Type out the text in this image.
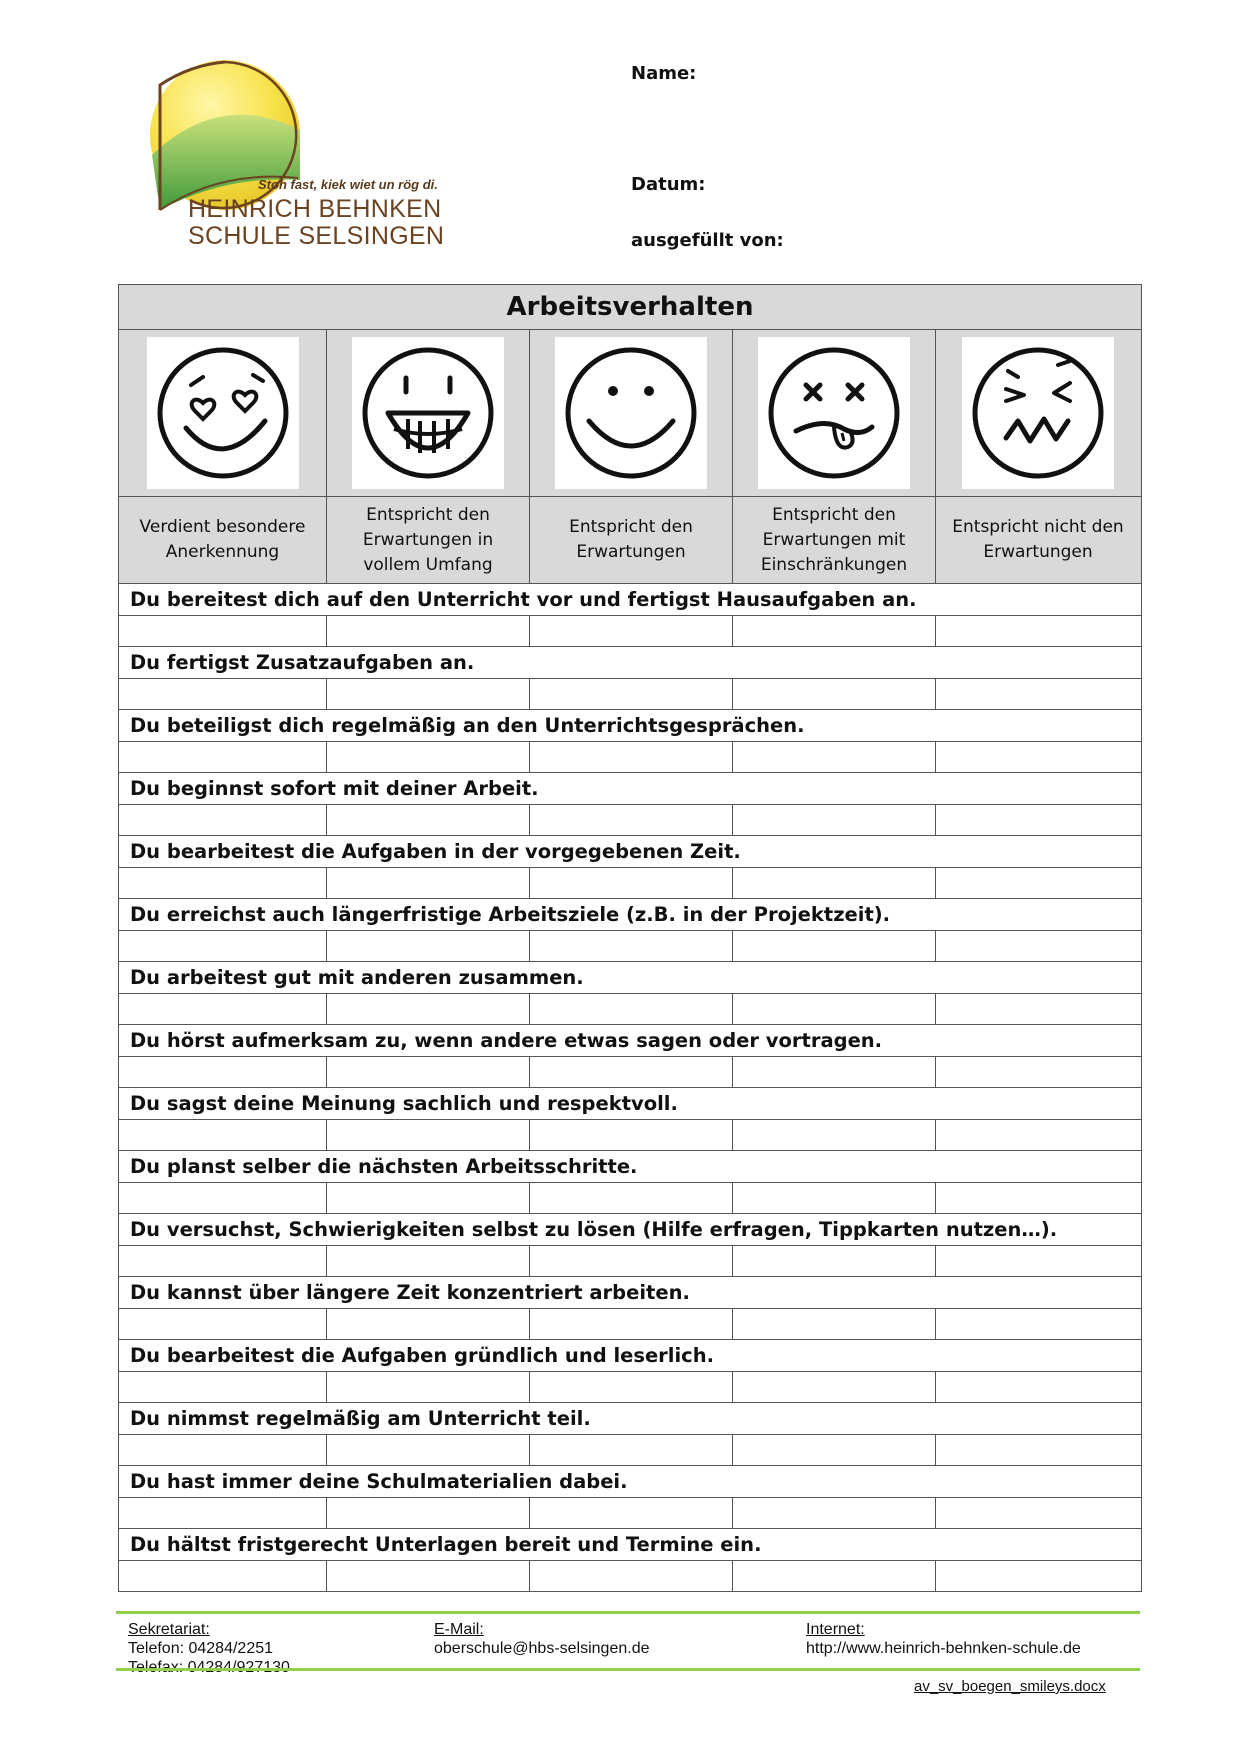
Stoh fast, kiek wiet un rög di.
HEINRICH BEHNKEN
SCHULE SELSINGEN
Name:
Datum:
ausgefüllt von:
Arbeitsverhalten
Verdient besondere Anerkennung
Entspricht den Erwartungen in vollem Umfang
Entspricht den Erwartungen
Entspricht den Erwartungen mit Einschränkungen
Entspricht nicht den Erwartungen
Du bereitest dich auf den Unterricht vor und fertigst Hausaufgaben an.
Du fertigst Zusatzaufgaben an.
Du beteiligst dich regelmäßig an den Unterrichtsgesprächen.
Du beginnst sofort mit deiner Arbeit.
Du bearbeitest die Aufgaben in der vorgegebenen Zeit.
Du erreichst auch längerfristige Arbeitsziele (z.B. in der Projektzeit).
Du arbeitest gut mit anderen zusammen.
Du hörst aufmerksam zu, wenn andere etwas sagen oder vortragen.
Du sagst deine Meinung sachlich und respektvoll.
Du planst selber die nächsten Arbeitsschritte.
Du versuchst, Schwierigkeiten selbst zu lösen (Hilfe erfragen, Tippkarten nutzen…).
Du kannst über längere Zeit konzentriert arbeiten.
Du bearbeitest die Aufgaben gründlich und leserlich.
Du nimmst regelmäßig am Unterricht teil.
Du hast immer deine Schulmaterialien dabei.
Du hältst fristgerecht Unterlagen bereit und Termine ein.
Sekretariat:
Telefon: 04284/2251
E-Mail:
oberschule@hbs-selsingen.de
Internet:
http://www.heinrich-behnken-schule.de
av_sv_boegen_smileys.docx
